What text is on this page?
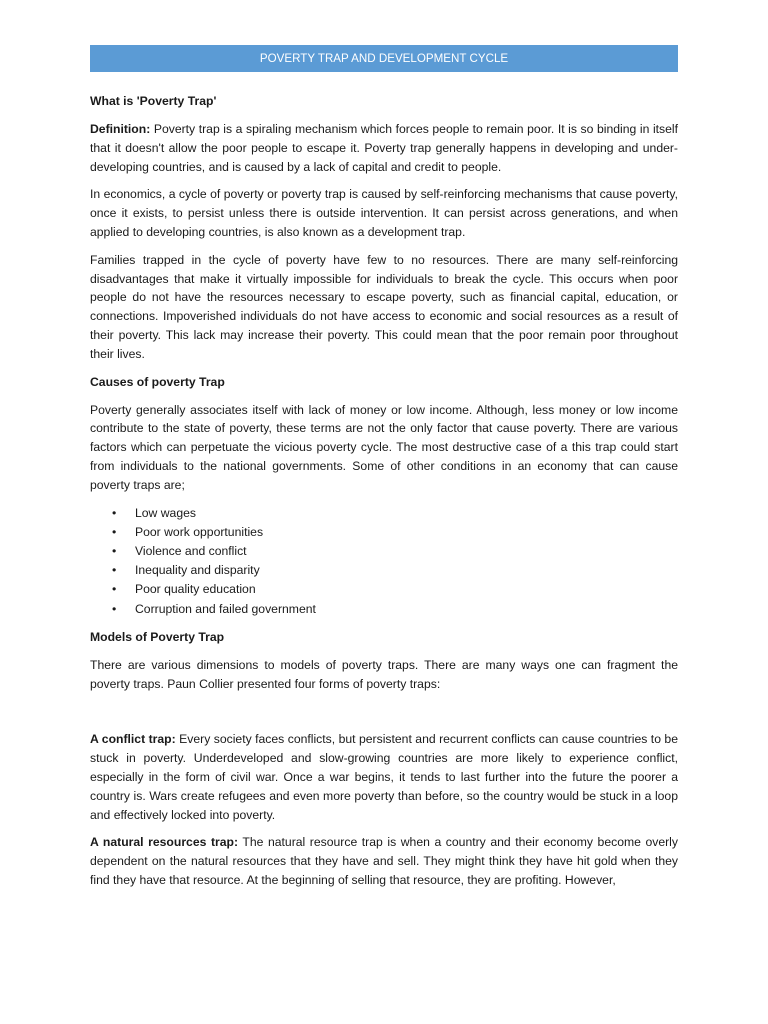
POVERTY TRAP AND DEVELOPMENT CYCLE
What is 'Poverty Trap'

Definition: Poverty trap is a spiraling mechanism which forces people to remain poor. It is so binding in itself that it doesn't allow the poor people to escape it. Poverty trap generally happens in developing and under-developing countries, and is caused by a lack of capital and credit to people.

In economics, a cycle of poverty or poverty trap is caused by self-reinforcing mechanisms that cause poverty, once it exists, to persist unless there is outside intervention. It can persist across generations, and when applied to developing countries, is also known as a development trap.

Families trapped in the cycle of poverty have few to no resources. There are many self-reinforcing disadvantages that make it virtually impossible for individuals to break the cycle. This occurs when poor people do not have the resources necessary to escape poverty, such as financial capital, education, or connections. Impoverished individuals do not have access to economic and social resources as a result of their poverty. This lack may increase their poverty. This could mean that the poor remain poor throughout their lives.

Causes of poverty Trap

Poverty generally associates itself with lack of money or low income. Although, less money or low income contribute to the state of poverty, these terms are not the only factor that cause poverty. There are various factors which can perpetuate the vicious poverty cycle. The most destructive case of a this trap could start from individuals to the national governments. Some of other conditions in an economy that can cause poverty traps are;

• Low wages
• Poor work opportunities
• Violence and conflict
• Inequality and disparity
• Poor quality education
• Corruption and failed government
Models of Poverty Trap

There are various dimensions to models of poverty traps. There are many ways one can fragment the poverty traps. Paun Collier presented four forms of poverty traps:

A conflict trap: Every society faces conflicts, but persistent and recurrent conflicts can cause countries to be stuck in poverty. Underdeveloped and slow-growing countries are more likely to experience conflict, especially in the form of civil war. Once a war begins, it tends to last further into the future the poorer a country is. Wars create refugees and even more poverty than before, so the country would be stuck in a loop and effectively locked into poverty.

A natural resources trap: The natural resource trap is when a country and their economy become overly dependent on the natural resources that they have and sell. They might think they have hit gold when they find they have that resource. At the beginning of selling that resource, they are profiting. However,
